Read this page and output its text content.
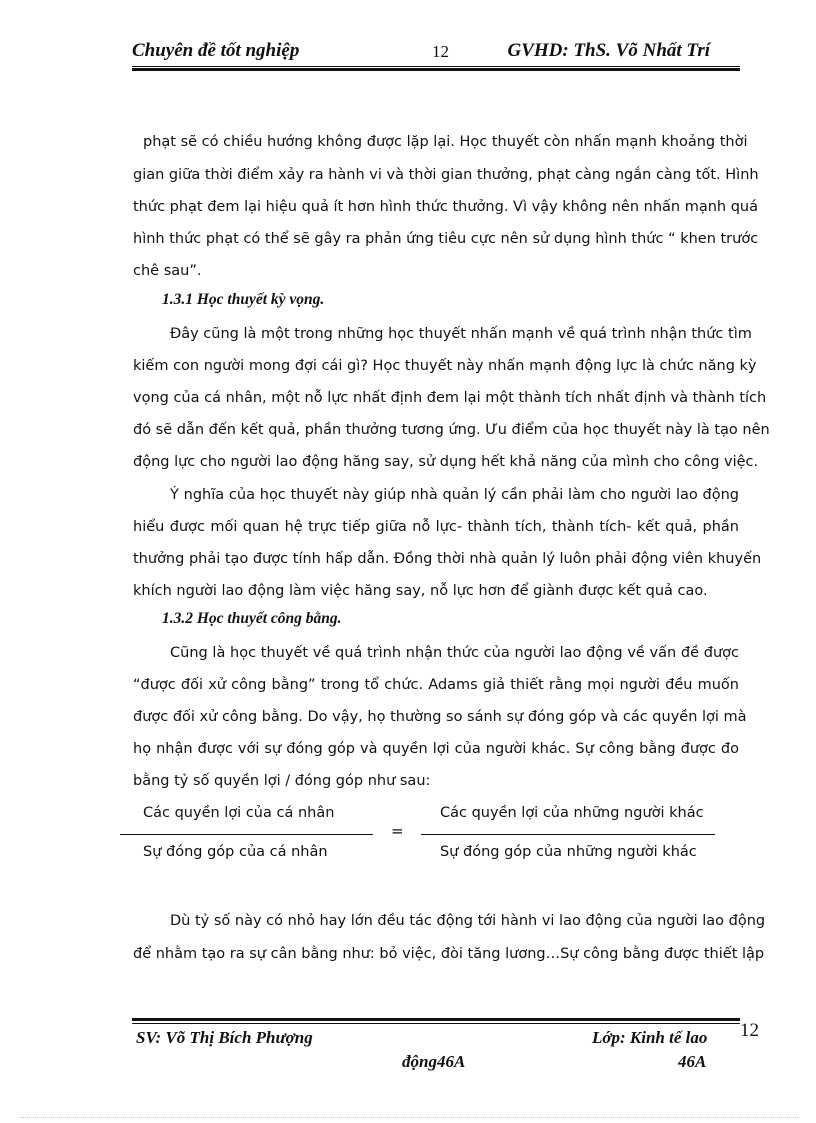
Chuyên đề tốt nghiệp	12	GVHD: ThS. Võ Nhất Trí
phạt sẽ có chiều hướng không được lặp lại. Học thuyết còn nhấn mạnh khoảng thời
gian giữa thời điểm xảy ra hành vi và thời gian thưởng, phạt càng ngắn càng tốt. Hình
thức phạt đem lại hiệu quả ít hơn hình thức thưởng. Vì vậy không nên nhấn mạnh quá
hình thức phạt có thể sẽ gây ra phản ứng tiêu cực nên sử dụng hình thức “ khen trước
chê sau”.
1.3.1 Học thuyết kỳ vọng.
Đây cũng là một trong những học thuyết nhấn mạnh về quá trình nhận thức tìm
kiếm con người mong đợi cái gì? Học thuyết này nhấn mạnh động lực là chức năng kỳ
vọng của cá nhân, một nỗ lực nhất định đem lại một thành tích nhất định và thành tích
đó sẽ dẫn đến kết quả, phần thưởng tương ứng. Ưu điểm của học thuyết này là tạo nên
động lực cho người lao động hăng say, sử dụng hết khả năng của mình cho công việc.
Ý nghĩa của học thuyết này giúp nhà quản lý cần phải làm cho người lao động
hiểu được mối quan hệ trực tiếp giữa nỗ lực- thành tích, thành tích- kết quả, phần
thưởng phải tạo được tính hấp dẫn. Đồng thời nhà quản lý luôn phải động viên khuyến
khích người lao động làm việc hăng say, nỗ lực hơn để giành được kết quả cao.
1.3.2 Học thuyết công bằng.
Cũng là học thuyết về quá trình nhận thức của người lao động về vấn đề được
“được đối xử công bằng” trong tổ chức. Adams giả thiết rằng mọi người đều muốn
được đối xử công bằng. Do vậy, họ thường so sánh sự đóng góp và các quyền lợi mà
họ nhận được với sự đóng góp và quyền lợi của người khác. Sự công bằng được đo
bằng tỷ số quyền lợi / đóng góp như sau:
Các quyền lợi của cá nhân
Sự đóng góp của cá nhân
=
Các quyền lợi của những người khác
Sự đóng góp của những người khác
Dù tỷ số này có nhỏ hay lớn đều tác động tới hành vi lao động của người lao động
để nhằm tạo ra sự cân bằng như: bỏ việc, đòi tăng lương…Sự công bằng được thiết lập
SV: Võ Thị Bích Phượng	Lớp: Kinh tế lao
động46A	46A
12
